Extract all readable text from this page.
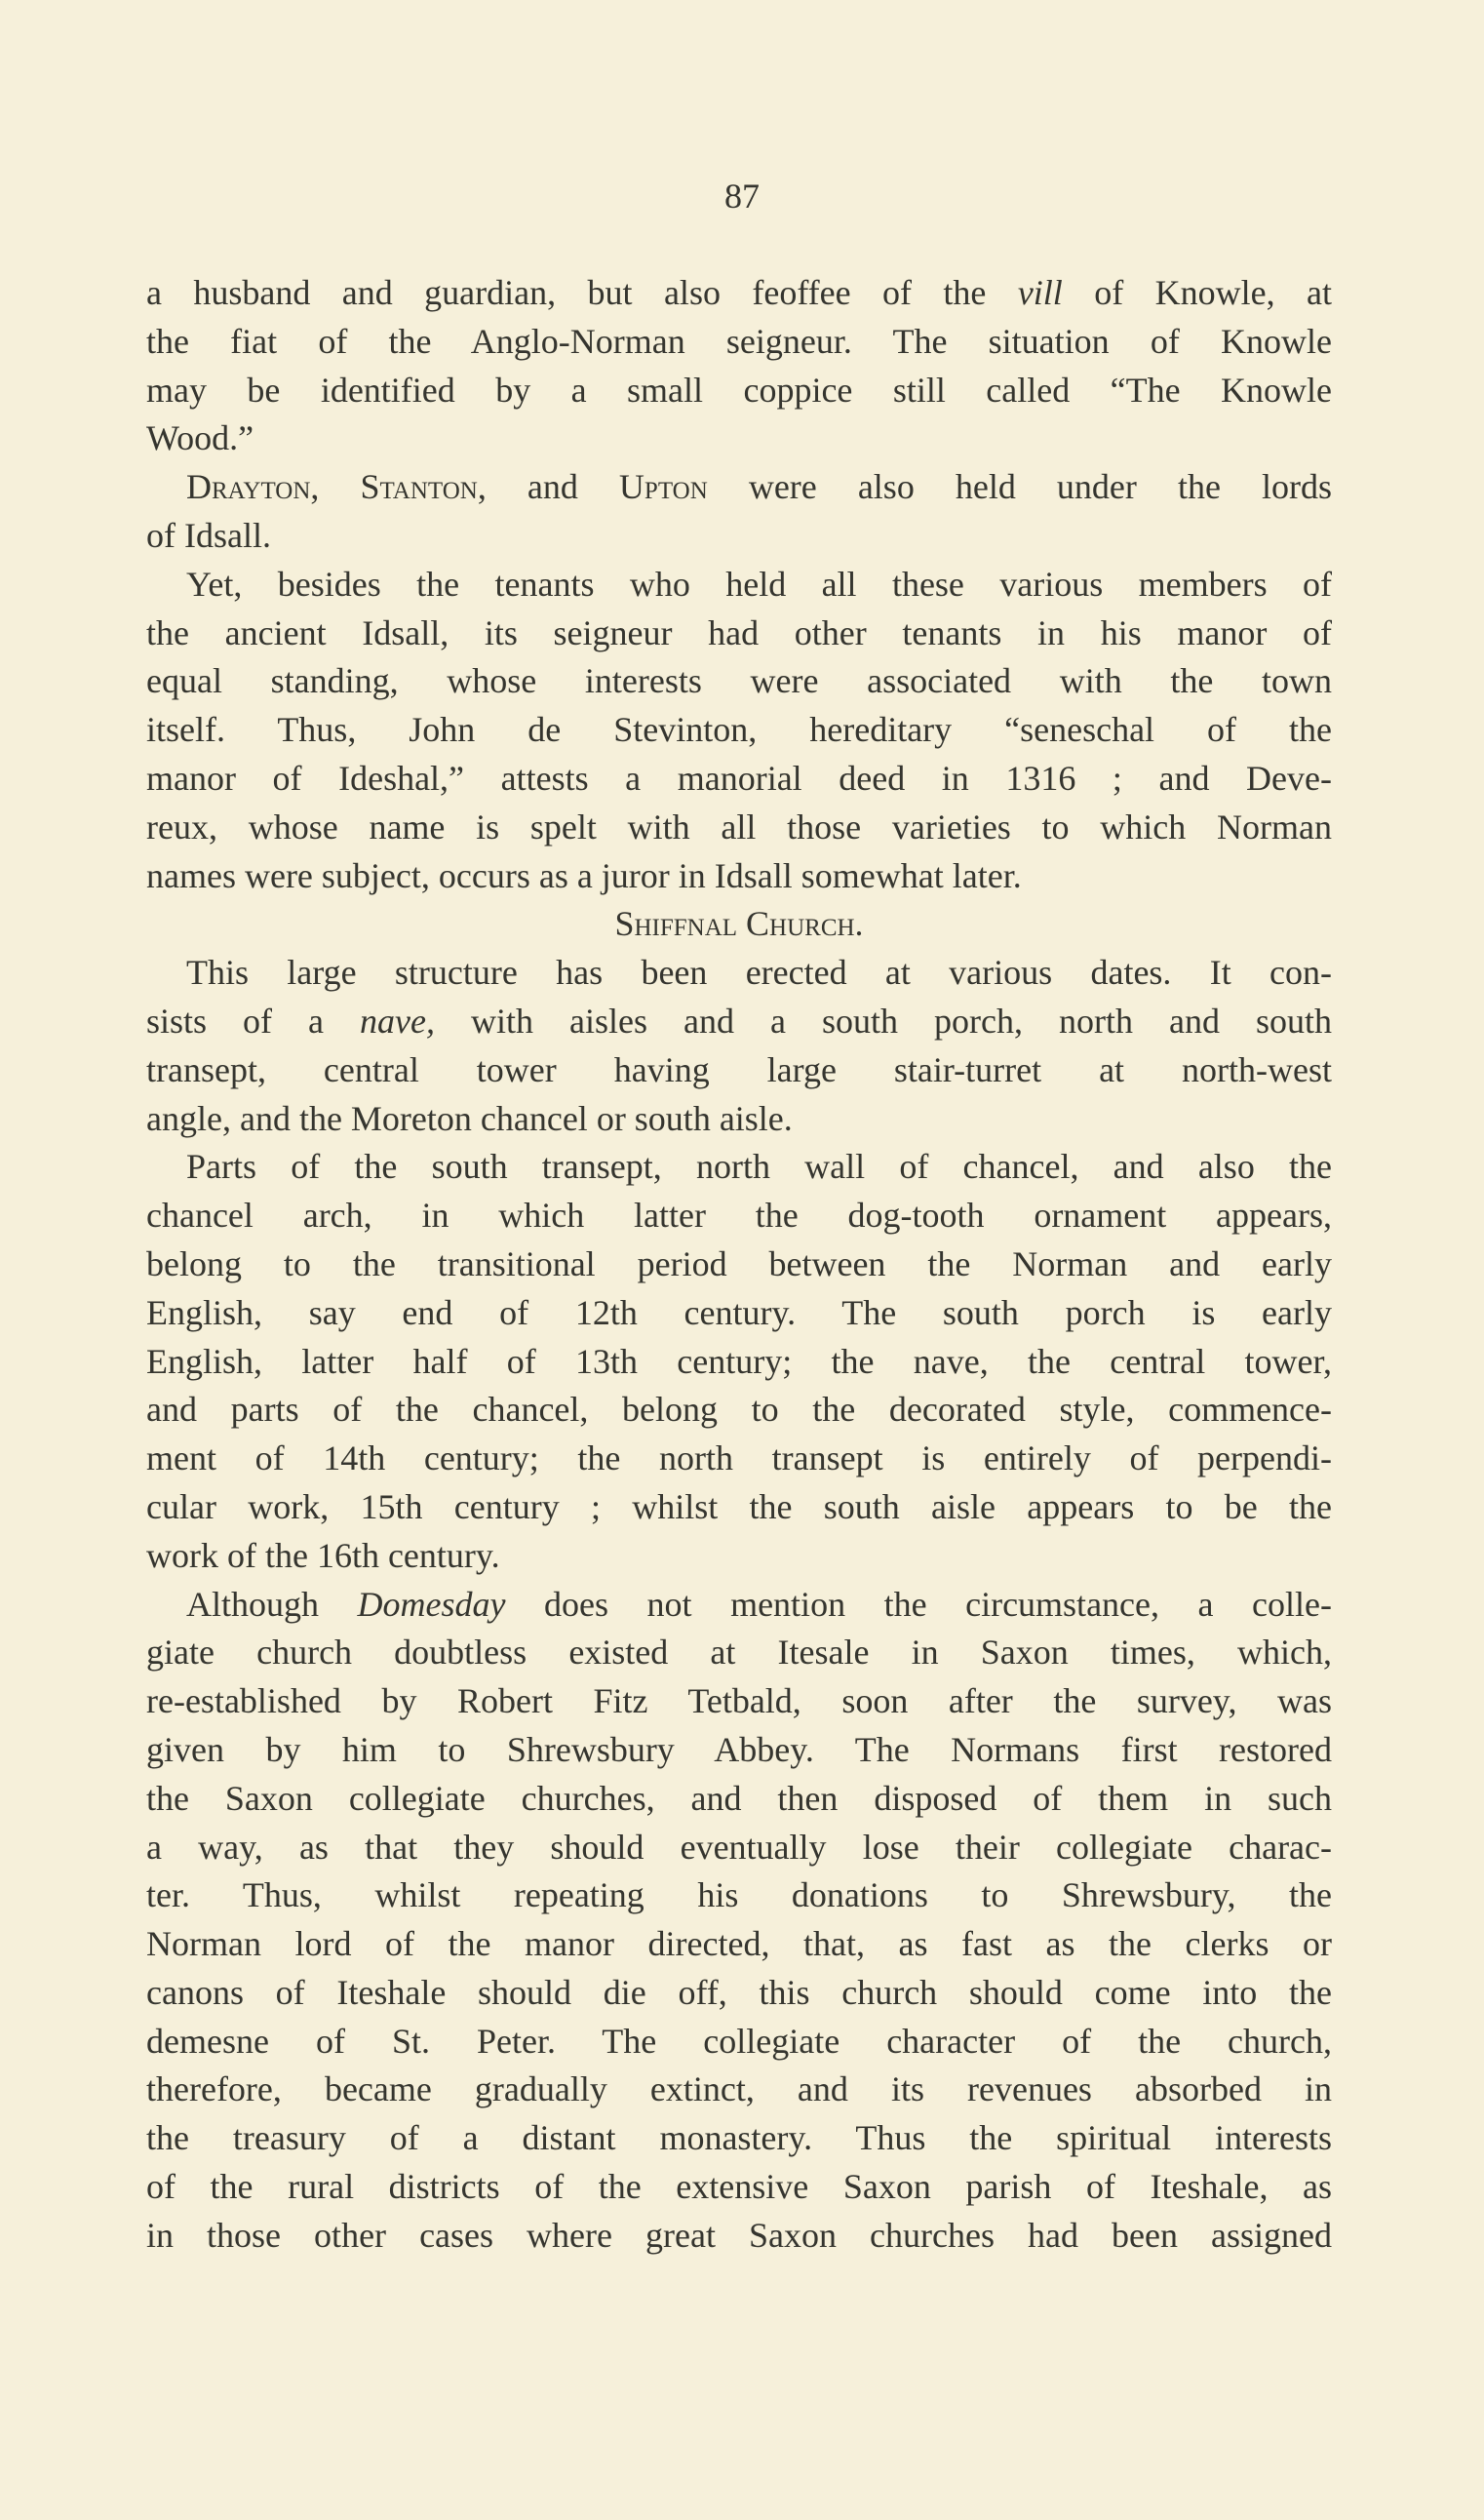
87
a husband and guardian, but also feoffee of the vill of Knowle, at
the fiat of the Anglo-Norman seigneur. The situation of Knowle
may be identified by a small coppice still called “The Knowle
Wood.”
Drayton, Stanton, and Upton were also held under the lords
of Idsall.
Yet, besides the tenants who held all these various members of
the ancient Idsall, its seigneur had other tenants in his manor of
equal standing, whose interests were associated with the town
itself. Thus, John de Stevinton, hereditary “seneschal of the
manor of Ideshal,” attests a manorial deed in 1316 ; and Deve-
reux, whose name is spelt with all those varieties to which Norman
names were subject, occurs as a juror in Idsall somewhat later.
Shiffnal Church.
This large structure has been erected at various dates. It con-
sists of a nave, with aisles and a south porch, north and south
transept, central tower having large stair-turret at north-west
angle, and the Moreton chancel or south aisle.
Parts of the south transept, north wall of chancel, and also the
chancel arch, in which latter the dog-tooth ornament appears,
belong to the transitional period between the Norman and early
English, say end of 12th century. The south porch is early
English, latter half of 13th century; the nave, the central tower,
and parts of the chancel, belong to the decorated style, commence-
ment of 14th century; the north transept is entirely of perpendi-
cular work, 15th century ; whilst the south aisle appears to be the
work of the 16th century.
Although Domesday does not mention the circumstance, a colle-
giate church doubtless existed at Itesale in Saxon times, which,
re-established by Robert Fitz Tetbald, soon after the survey, was
given by him to Shrewsbury Abbey. The Normans first restored
the Saxon collegiate churches, and then disposed of them in such
a way, as that they should eventually lose their collegiate charac-
ter. Thus, whilst repeating his donations to Shrewsbury, the
Norman lord of the manor directed, that, as fast as the clerks or
canons of Iteshale should die off, this church should come into the
demesne of St. Peter. The collegiate character of the church,
therefore, became gradually extinct, and its revenues absorbed in
the treasury of a distant monastery. Thus the spiritual interests
of the rural districts of the extensive Saxon parish of Iteshale, as
in those other cases where great Saxon churches had been assigned
